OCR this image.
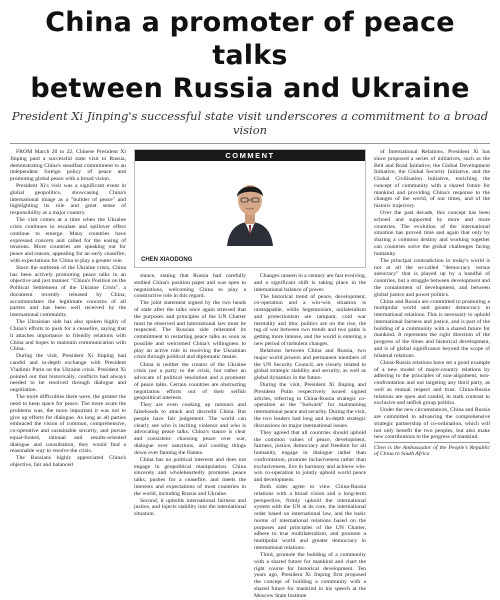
China a promoter of peace talks
between Russia and Ukraine
President Xi Jinping's successful state visit underscores a commitment to a broad vision

FROM March 20 to 22, Chinese President Xi Jinping paid a successful state visit to Russia, demonstrating China's steadfast commitment to an independent foreign policy of peace and promoting global peace with a broad vision.

President Xi's visit was a significant event in global geopolitics, showcasing China's international image as a "builder of peace" and highlighting its role and great sense of responsibility as a major country.

The visit comes at a time when the Ukraine crisis continues to escalate and spillover effect continue to emerge. Many countries have expressed concern and called for the easing of tensions. More countries are speaking out for peace and reason, appealing for an early ceasefire, with expectations for China to play a greater role.

Since the outbreak of the Ukraine crisis, China has been actively promoting peace talks in an objective and just manner. "China's Position on the Political Settlement of the Ukraine Crisis", a document recently released by China, accommodates the legitimate concerns of all parties and has been well received by the international community.

The Ukrainian side has also spoken highly of China's efforts to push for a ceasefire, saying that it attaches importance to friendly relations with China and hopes to maintain communication with China.

During the visit, President Xi Jinping had candid and in-depth exchange with President Vladimir Putin on the Ukraine crisis. President Xi pointed out that historically, conflicts had always needed to be resolved through dialogue and negotiation.

The more difficulties there were, the greater the need to keep space for peace. The more acute the problems was, the more important it was not to give up efforts for dialogue. As long as all parties embraced the vision of common, comprehensive, co-operative and sustainable security, and pursue equal-footed, rational and results-oriented dialogue and consultation, they would find a reasonable way to resolve the crisis.

The Russians highly appreciated China's objective, fair and balanced

COMMENT
CHEN XIAODONG

stance, stating that Russia had carefully studied China's position paper and was open to negotiations, welcoming China to play a constructive role in this regard.

The joint statement signed by the two heads of state after the talks once again stressed that the purposes and principles of the UN Charter must be observed and international law must be respected. The Russian side reiterated its commitment to restarting peace talks as soon as possible and welcomed China's willingness to play an active role in resolving the Ukrainian crisis through political and diplomatic means.

China is neither the creator of the Ukraine crisis nor a party to the crisis, but rather an advocate of political resolution and a promoter of peace talks. Certain countries are obstructing negotiation efforts out of their selfish geopolitical interests.

They are even cooking up rumours and falsehoods to attack and discredit China. But people have fair judgement. The world can clearly see who is inciting violence and who is advocating peace talks. China's stance is clear and consistent: choosing peace over war, dialogue over sanctions, and cooling things down over fanning the flames.

China has no political interests and does not engage in geopolitical manipulation. China sincerely and wholeheartedly promotes peace talks, pushes for a ceasefire, and meets the interests and expectations of most countries in the world, including Russia and Ukraine.

Second, it upholds international fairness and justice, and injects stability into the international situation.

Changes unseen in a century are fast evolving, and a significant shift is taking place in the international balance of power.

The historical trend of peace, development, co-operation and a win-win situation is unstoppable, while hegemonism, unilateralism and protectionism are rampant, cold war mentality and bloc politics are on the rise, the tug of war between two trends and two paths is getting more intense, and the world is entering a new period of turbulent changes.

Relations between China and Russia, two major world powers and permanent members of the UN Security Council, are closely related to global strategic stability and security, as well as global dynamics in the future.

During the visit, President Xi Jinping and President Putin respectively issued signed articles, referring to China-Russia strategic co-operation as the "bulwark" for maintaining international peace and security. During the visit, the two leaders had long and in-depth strategic discussions on major international issues.

They agreed that all countries should uphold the common values of peace, development, fairness, justice, democracy and freedom for all humanity, engage in dialogue rather than confrontation, promote inclusiveness rather than exclusiveness, live in harmony and achieve win-win co-operation to jointly uphold world peace and development.

Both sides agree to view China-Russia relations with a broad vision and a long-term perspective, firmly uphold the international system with the UN at its core, the international order based on international law, and the basic norms of international relations based on the purposes and principles of the UN Charter, adhere to true multilateralism, and promote a multipolar world and greater democracy in international relations.

Third, promote the building of a community with a shared future for mankind and chart the right course for historical development. Ten years ago, President Xi Jinping first proposed the concept of building a community with a shared future for mankind in his speech at the Moscow State Institute

of International Relations. President Xi has since proposed a series of initiatives, such as the Belt and Road Initiative, the Global Development Initiative, the Global Security Initiative, and the Global Civilisation Initiative, enriching the concept of community with a shared future for mankind and providing China's response to the changes of the world, of our times, and of the historic trajectory.

Over the past decade, this concept has been echoed and supported by more and more countries. The evolution of the international situation has proved time and again that only by sharing a common destiny and working together can countries solve the global challenges facing humanity.

The principal contradiction in today's world is not at all the so-called "democracy versus autocracy" that is played up by a handful of countries, but a struggle between development and the containment of development, and between global justice and power politics.

China and Russia are committed to promoting a multipolar world and greater democracy in international relations. This is necessary to uphold international fairness and justice, and is part of the building of a community with a shared future for mankind. It represents the right direction of the progress of the times and historical development, and is of global significance beyond the scope of bilateral relations.

China-Russia relations have set a good example of a new model of major-country relations by adhering to the principles of non-alignment, non-confrontation and not targeting any third party, as well as mutual respect and trust. China-Russia relations are open and candid, in stark contrast to exclusive and selfish group politics.

Under the new circumstances, China and Russia are committed to advancing the comprehensive strategic partnership of co-ordination, which will not only benefit the two peoples, but also make new contributions to the progress of mankind.

Chen is the Ambassador of the People's Republic of China to South Africa
